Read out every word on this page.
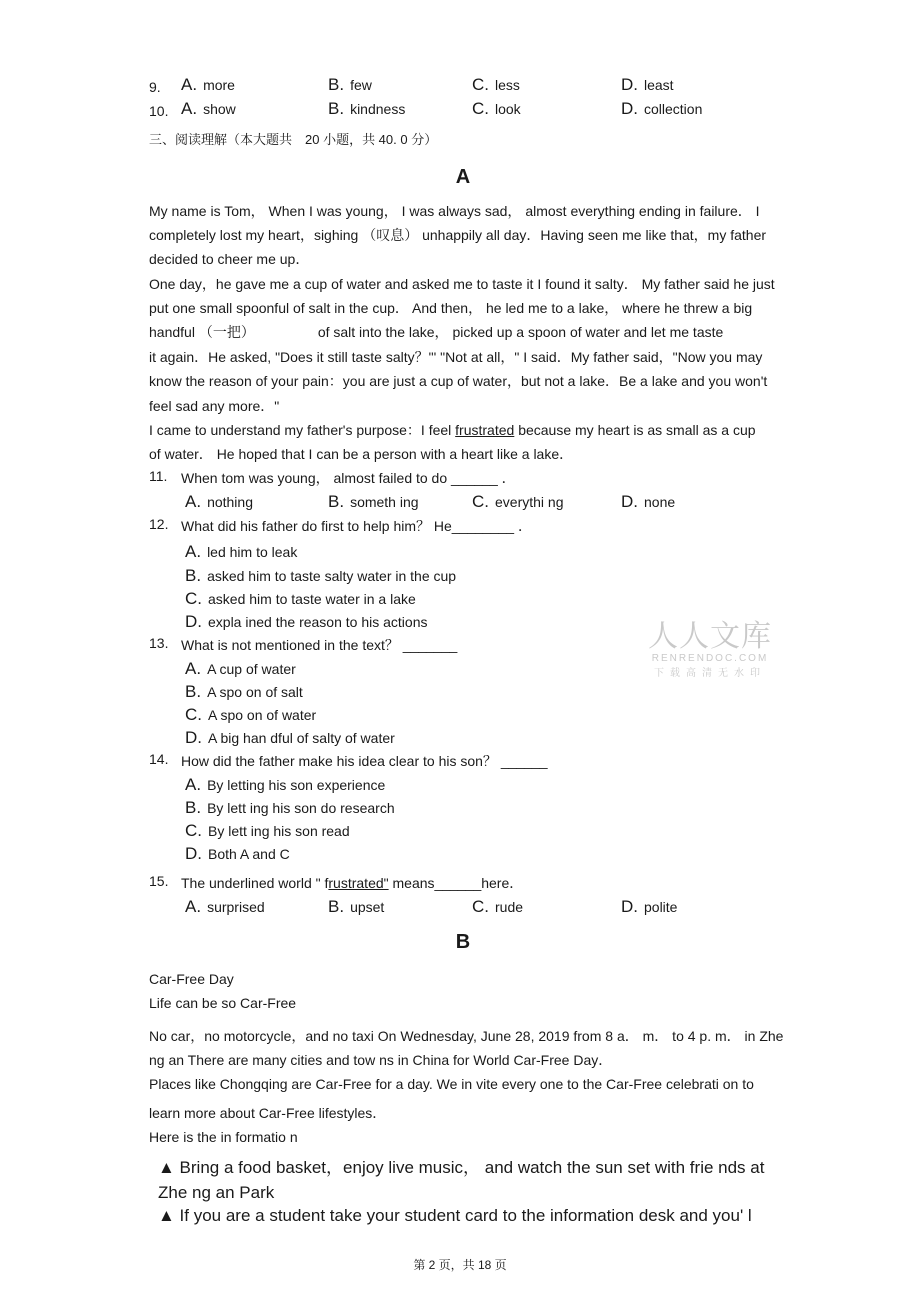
9. A. more	B. few	C. less	D. least
10. A. show	B. kindness	C. look	D. collection
三、阅读理解（本大题共　20 小题，共 40. 0 分）
A
My name is Tom， When I was young， I was always sad， almost everything ending in failure． I
completely lost my heart，sighing （叹息） unhappily all day．Having seen me like that，my father
decided to cheer me up．
One day，he gave me a cup of water and asked me to taste it I found it salty． My father said he just
put one small spoonful of salt in the cup． And then， he led me to a lake， where he threw a big
handful （一把）　　　　　of salt into the lake， picked up a spoon of water and let me taste
it again．He asked, "Does it still taste salty？"' "Not at all，" I said．My father said，"Now you may
know the reason of your pain：you are just a cup of water，but not a lake．Be a lake and you won't
feel sad any more．"
I came to understand my father's purpose：I feel frustrated because my heart is as small as a cup
of water． He hoped that I can be a person with a heart like a lake．
11. When tom was young， almost failed to do ______ ．
A. nothing	B. someth ing	C. everythi ng	D. none
12. What did his father do first to help him？ He________ ．
A. led him to leak
B. asked him to taste salty water in the cup
C. asked him to taste water in a lake
D. expla ined the reason to his actions
13. What is not mentioned in the text？ _______
A. A cup of water
B. A spo on of salt
C. A spo on of water
D. A big han dful of salty of water
14. How did the father make his idea clear to his son？ ______
A. By letting his son experience
B. By lett ing his son do research
C. By lett ing his son read
D. Both A and C
15. The underlined world " frustrated" means______here．
A. surprised	B. upset	C. rude	D. polite
B
Car-Free Day
Life can be so Car-Free
No car，no motorcycle，and no taxi On Wednesday, June 28, 2019 from 8 a． m． to 4 p. m． in Zhe
ng an There are many cities and tow ns in China for World Car-Free Day．
Places like Chongqing are Car-Free for a day. We in vite every one to the Car-Free celebrati on to
learn more about Car-Free lifestyles．
Here is the in formatio n
▲ Bring a food basket，enjoy live music， and watch the sun set with frie nds at Zhe ng an Park
▲ If you are a student take your student card to the information desk and you' l
人人文库
RENRENDOC.COM
下载高清无水印
第 2 页，共 18 页
